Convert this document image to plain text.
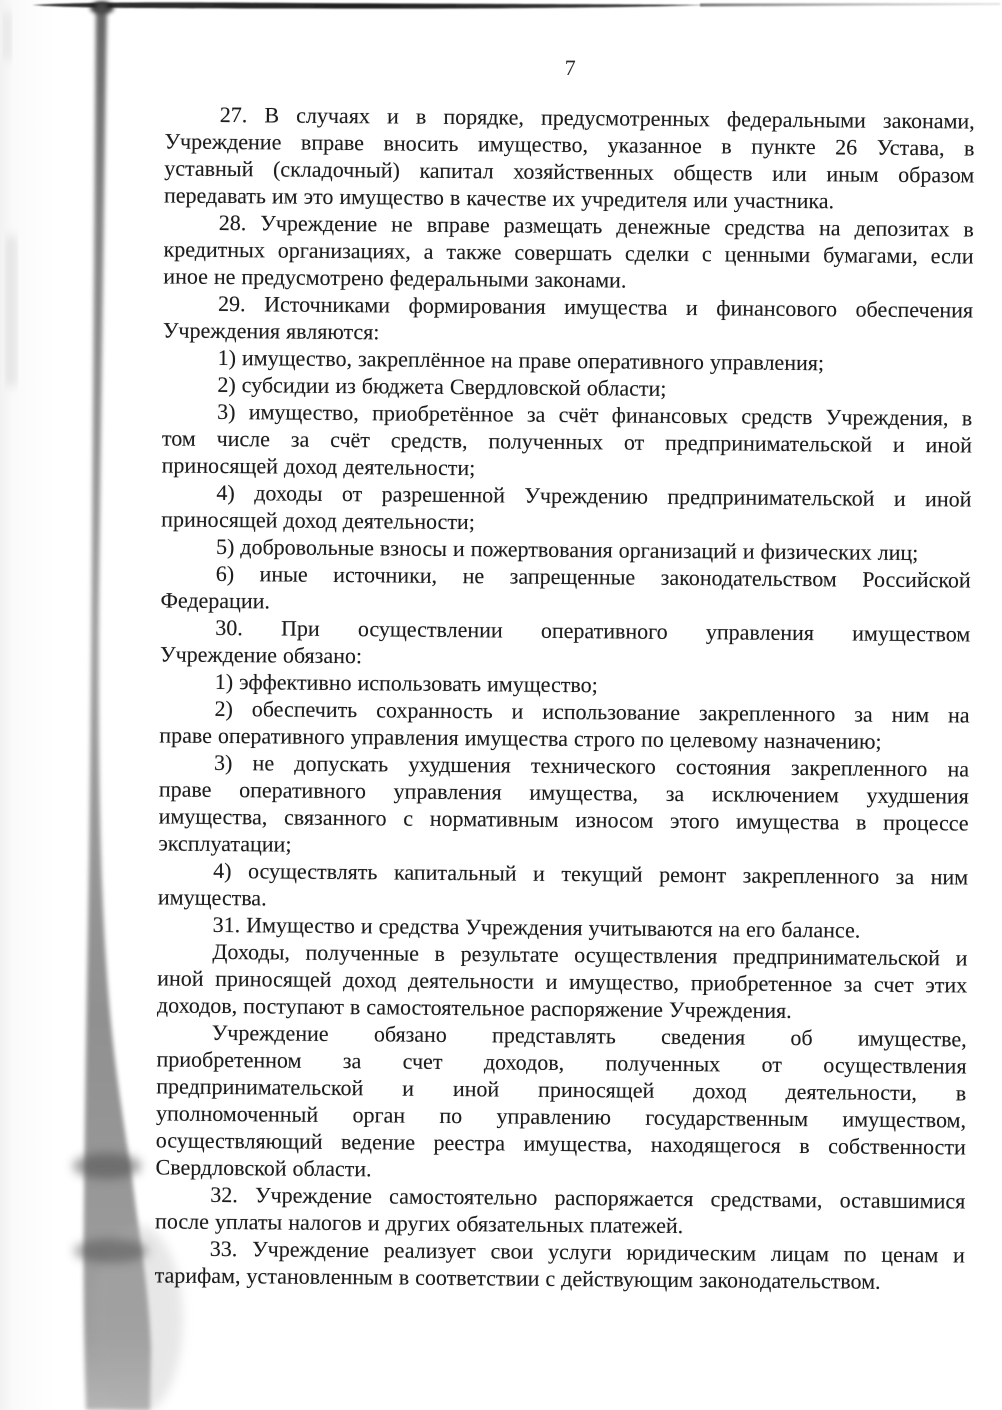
7
27. В случаях и в порядке, предусмотренных федеральными законами,
Учреждение вправе вносить имущество, указанное в пункте 26 Устава, в
уставный (складочный) капитал хозяйственных обществ или иным образом
передавать им это имущество в качестве их учредителя или участника.
28. Учреждение не вправе размещать денежные средства на депозитах в
кредитных организациях, а также совершать сделки с ценными бумагами, если
иное не предусмотрено федеральными законами.
29. Источниками формирования имущества и финансового обеспечения
Учреждения являются:
1) имущество, закреплённое на праве оперативного управления;
2) субсидии из бюджета Свердловской области;
3) имущество, приобретённое за счёт финансовых средств Учреждения, в
том числе за счёт средств, полученных от предпринимательской и иной
приносящей доход деятельности;
4) доходы от разрешенной Учреждению предпринимательской и иной
приносящей доход деятельности;
5) добровольные взносы и пожертвования организаций и физических лиц;
6) иные источники, не запрещенные законодательством Российской
Федерации.
30. При осуществлении оперативного управления имуществом
Учреждение обязано:
1) эффективно использовать имущество;
2) обеспечить сохранность и использование закрепленного за ним на
праве оперативного управления имущества строго по целевому назначению;
3) не допускать ухудшения технического состояния закрепленного на
праве оперативного управления имущества, за исключением ухудшения
имущества, связанного с нормативным износом этого имущества в процессе
эксплуатации;
4) осуществлять капитальный и текущий ремонт закрепленного за ним
имущества.
31. Имущество и средства Учреждения учитываются на его балансе.
Доходы, полученные в результате осуществления предпринимательской и
иной приносящей доход деятельности и имущество, приобретенное за счет этих
доходов, поступают в самостоятельное распоряжение Учреждения.
Учреждение обязано представлять сведения об имуществе,
приобретенном за счет доходов, полученных от осуществления
предпринимательской и иной приносящей доход деятельности, в
уполномоченный орган по управлению государственным имуществом,
осуществляющий ведение реестра имущества, находящегося в собственности
Свердловской области.
32. Учреждение самостоятельно распоряжается средствами, оставшимися
после уплаты налогов и других обязательных платежей.
33. Учреждение реализует свои услуги юридическим лицам по ценам и
тарифам, установленным в соответствии с действующим законодательством.
